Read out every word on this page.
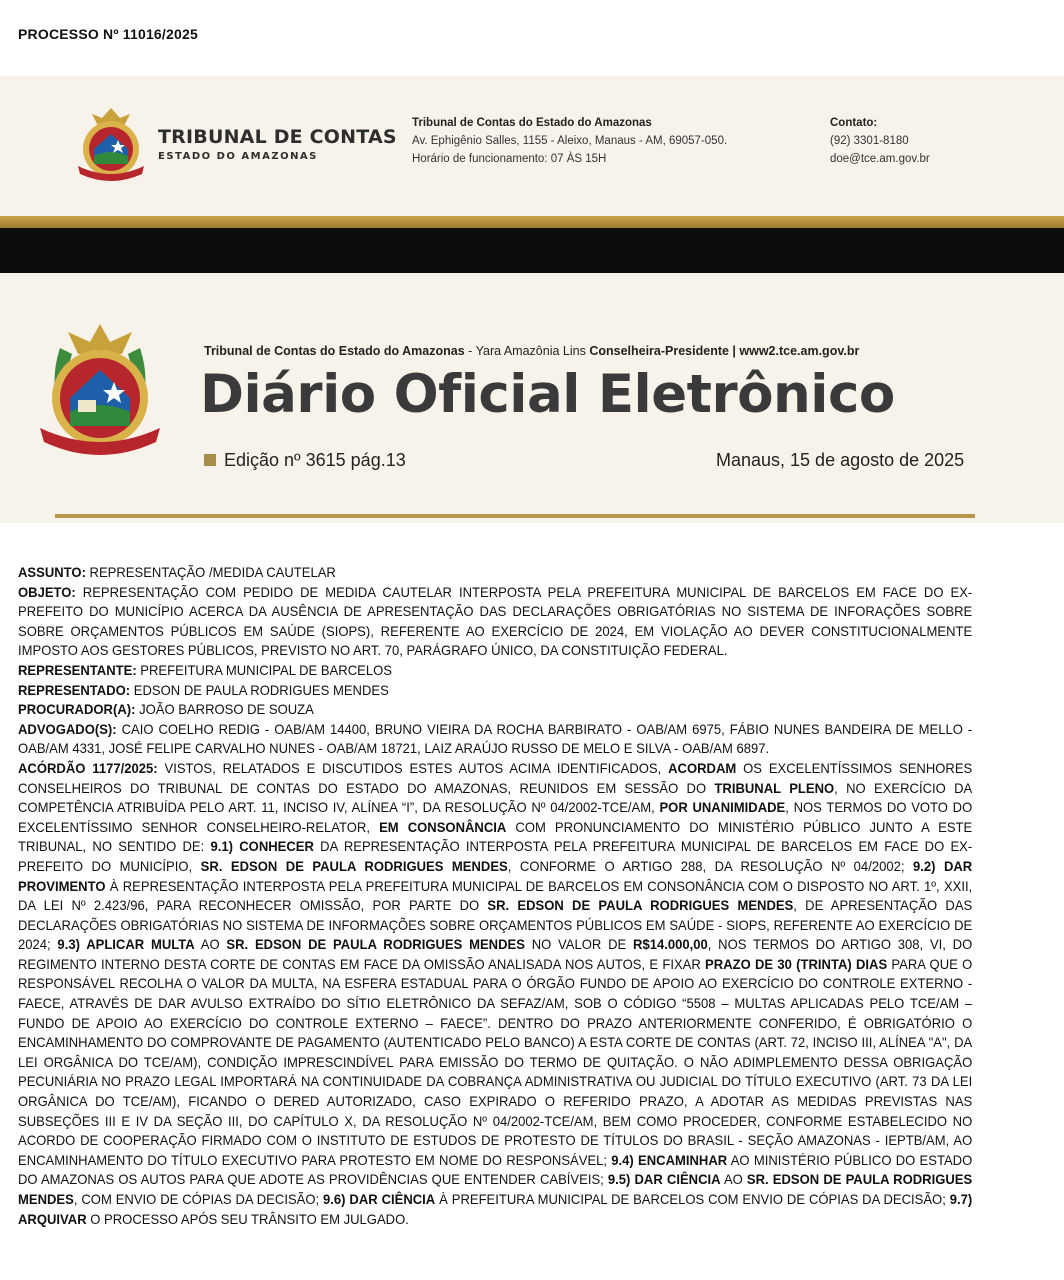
PROCESSO Nº 11016/2025
TRIBUNAL DE CONTAS
ESTADO DO AMAZONAS
Tribunal de Contas do Estado do Amazonas
Av. Ephigênio Salles, 1155 - Aleixo, Manaus - AM, 69057-050.
Horário de funcionamento: 07 ÀS 15H
Contato:
(92) 3301-8180
doe@tce.am.gov.br
Tribunal de Contas do Estado do Amazonas - Yara Amazônia Lins Conselheira-Presidente | www2.tce.am.gov.br
Diário Oficial Eletrônico
Edição nº 3615 pág.13	Manaus, 15 de agosto de 2025

ASSUNTO: REPRESENTAÇÃO /MEDIDA CAUTELAR

OBJETO: REPRESENTAÇÃO COM PEDIDO DE MEDIDA CAUTELAR INTERPOSTA PELA PREFEITURA MUNICIPAL DE BARCELOS EM FACE DO EX-PREFEITO DO MUNICÍPIO ACERCA DA AUSÊNCIA DE APRESENTAÇÃO DAS DECLARAÇÕES OBRIGATÓRIAS NO SISTEMA DE INFORAÇÕES SOBRE SOBRE ORÇAMENTOS PÚBLICOS EM SAÚDE (SIOPS), REFERENTE AO EXERCÍCIO DE 2024, EM VIOLAÇÃO AO DEVER CONSTITUCIONALMENTE IMPOSTO AOS GESTORES PÚBLICOS, PREVISTO NO ART. 70, PARÁGRAFO ÚNICO, DA CONSTITUIÇÃO FEDERAL.

REPRESENTANTE: PREFEITURA MUNICIPAL DE BARCELOS

REPRESENTADO: EDSON DE PAULA RODRIGUES MENDES

PROCURADOR(A): JOÃO BARROSO DE SOUZA

ADVOGADO(S): CAIO COELHO REDIG - OAB/AM 14400, BRUNO VIEIRA DA ROCHA BARBIRATO - OAB/AM 6975, FÁBIO NUNES BANDEIRA DE MELLO - OAB/AM 4331, JOSÉ FELIPE CARVALHO NUNES - OAB/AM 18721, LAIZ ARAÚJO RUSSO DE MELO E SILVA - OAB/AM 6897.

ACÓRDÃO 1177/2025: VISTOS, RELATADOS E DISCUTIDOS ESTES AUTOS ACIMA IDENTIFICADOS, ACORDAM OS EXCELENTÍSSIMOS SENHORES CONSELHEIROS DO TRIBUNAL DE CONTAS DO ESTADO DO AMAZONAS, REUNIDOS EM SESSÃO DO TRIBUNAL PLENO, NO EXERCÍCIO DA COMPETÊNCIA ATRIBUÍDA PELO ART. 11, INCISO IV, ALÍNEA “I”, DA RESOLUÇÃO Nº 04/2002-TCE/AM, POR UNANIMIDADE, NOS TERMOS DO VOTO DO EXCELENTÍSSIMO SENHOR CONSELHEIRO-RELATOR, EM CONSONÂNCIA COM PRONUNCIAMENTO DO MINISTÉRIO PÚBLICO JUNTO A ESTE TRIBUNAL, NO SENTIDO DE: 9.1) CONHECER DA REPRESENTAÇÃO INTERPOSTA PELA PREFEITURA MUNICIPAL DE BARCELOS EM FACE DO EX-PREFEITO DO MUNICÍPIO, SR. EDSON DE PAULA RODRIGUES MENDES, CONFORME O ARTIGO 288, DA RESOLUÇÃO Nº 04/2002; 9.2) DAR PROVIMENTO À REPRESENTAÇÃO INTERPOSTA PELA PREFEITURA MUNICIPAL DE BARCELOS EM CONSONÂNCIA COM O DISPOSTO NO ART. 1º, XXII, DA LEI Nº 2.423/96, PARA RECONHECER OMISSÃO, POR PARTE DO SR. EDSON DE PAULA RODRIGUES MENDES, DE APRESENTAÇÃO DAS DECLARAÇÕES OBRIGATÓRIAS NO SISTEMA DE INFORMAÇÕES SOBRE ORÇAMENTOS PÚBLICOS EM SAÚDE - SIOPS, REFERENTE AO EXERCÍCIO DE 2024; 9.3) APLICAR MULTA AO SR. EDSON DE PAULA RODRIGUES MENDES NO VALOR DE R$14.000,00, NOS TERMOS DO ARTIGO 308, VI, DO REGIMENTO INTERNO DESTA CORTE DE CONTAS EM FACE DA OMISSÃO ANALISADA NOS AUTOS, E FIXAR PRAZO DE 30 (TRINTA) DIAS PARA QUE O RESPONSÁVEL RECOLHA O VALOR DA MULTA, NA ESFERA ESTADUAL PARA O ÓRGÃO FUNDO DE APOIO AO EXERCÍCIO DO CONTROLE EXTERNO - FAECE, ATRAVÉS DE DAR AVULSO EXTRAÍDO DO SÍTIO ELETRÔNICO DA SEFAZ/AM, SOB O CÓDIGO “5508 – MULTAS APLICADAS PELO TCE/AM – FUNDO DE APOIO AO EXERCÍCIO DO CONTROLE EXTERNO – FAECE”. DENTRO DO PRAZO ANTERIORMENTE CONFERIDO, É OBRIGATÓRIO O ENCAMINHAMENTO DO COMPROVANTE DE PAGAMENTO (AUTENTICADO PELO BANCO) A ESTA CORTE DE CONTAS (ART. 72, INCISO III, ALÍNEA "A", DA LEI ORGÂNICA DO TCE/AM), CONDIÇÃO IMPRESCINDÍVEL PARA EMISSÃO DO TERMO DE QUITAÇÃO. O NÃO ADIMPLEMENTO DESSA OBRIGAÇÃO PECUNIÁRIA NO PRAZO LEGAL IMPORTARÁ NA CONTINUIDADE DA COBRANÇA ADMINISTRATIVA OU JUDICIAL DO TÍTULO EXECUTIVO (ART. 73 DA LEI ORGÂNICA DO TCE/AM), FICANDO O DERED AUTORIZADO, CASO EXPIRADO O REFERIDO PRAZO, A ADOTAR AS MEDIDAS PREVISTAS NAS SUBSEÇÕES III E IV DA SEÇÃO III, DO CAPÍTULO X, DA RESOLUÇÃO Nº 04/2002-TCE/AM, BEM COMO PROCEDER, CONFORME ESTABELECIDO NO ACORDO DE COOPERAÇÃO FIRMADO COM O INSTITUTO DE ESTUDOS DE PROTESTO DE TÍTULOS DO BRASIL - SEÇÃO AMAZONAS - IEPTB/AM, AO ENCAMINHAMENTO DO TÍTULO EXECUTIVO PARA PROTESTO EM NOME DO RESPONSÁVEL; 9.4) ENCAMINHAR AO MINISTÉRIO PÚBLICO DO ESTADO DO AMAZONAS OS AUTOS PARA QUE ADOTE AS PROVIDÊNCIAS QUE ENTENDER CABÍVEIS; 9.5) DAR CIÊNCIA AO SR. EDSON DE PAULA RODRIGUES MENDES, COM ENVIO DE CÓPIAS DA DECISÃO; 9.6) DAR CIÊNCIA À PREFEITURA MUNICIPAL DE BARCELOS COM ENVIO DE CÓPIAS DA DECISÃO; 9.7) ARQUIVAR O PROCESSO APÓS SEU TRÂNSITO EM JULGADO.
